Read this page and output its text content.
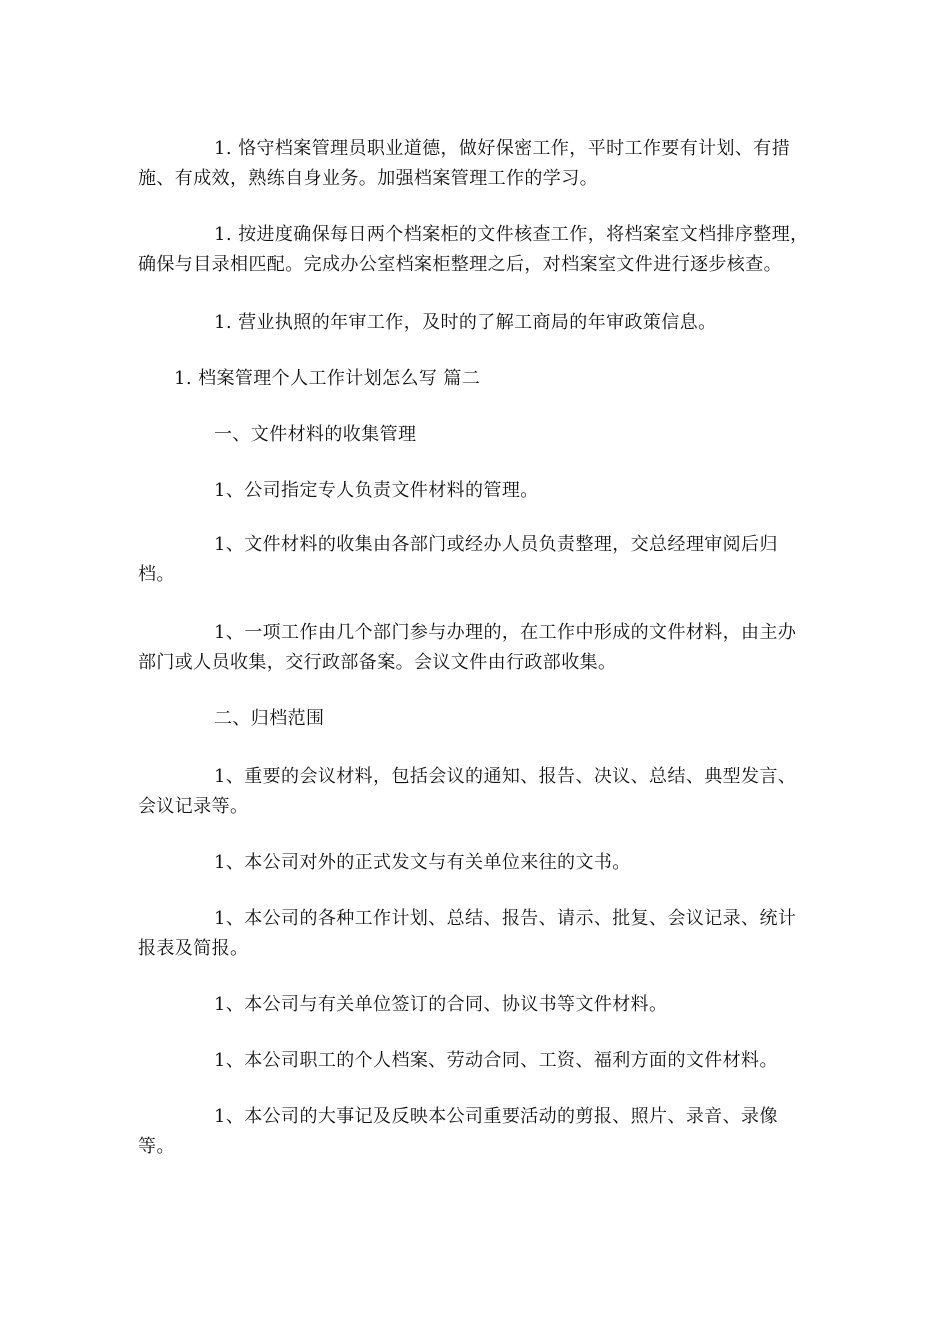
1. 恪守档案管理员职业道德，做好保密工作，平时工作要有计划、有措施、有成效，熟练自身业务。加强档案管理工作的学习。

1. 按进度确保每日两个档案柜的文件核查工作，将档案室文档排序整理，确保与目录相匹配。完成办公室档案柜整理之后，对档案室文件进行逐步核查。

1. 营业执照的年审工作，及时的了解工商局的年审政策信息。

1. 档案管理个人工作计划怎么写 篇二

一、文件材料的收集管理

1、公司指定专人负责文件材料的管理。

1、文件材料的收集由各部门或经办人员负责整理，交总经理审阅后归档。

1、一项工作由几个部门参与办理的，在工作中形成的文件材料，由主办部门或人员收集，交行政部备案。会议文件由行政部收集。

二、归档范围

1、重要的会议材料，包括会议的通知、报告、决议、总结、典型发言、会议记录等。

1、本公司对外的正式发文与有关单位来往的文书。

1、本公司的各种工作计划、总结、报告、请示、批复、会议记录、统计报表及简报。

1、本公司与有关单位签订的合同、协议书等文件材料。

1、本公司职工的个人档案、劳动合同、工资、福利方面的文件材料。

1、本公司的大事记及反映本公司重要活动的剪报、照片、录音、录像等。
